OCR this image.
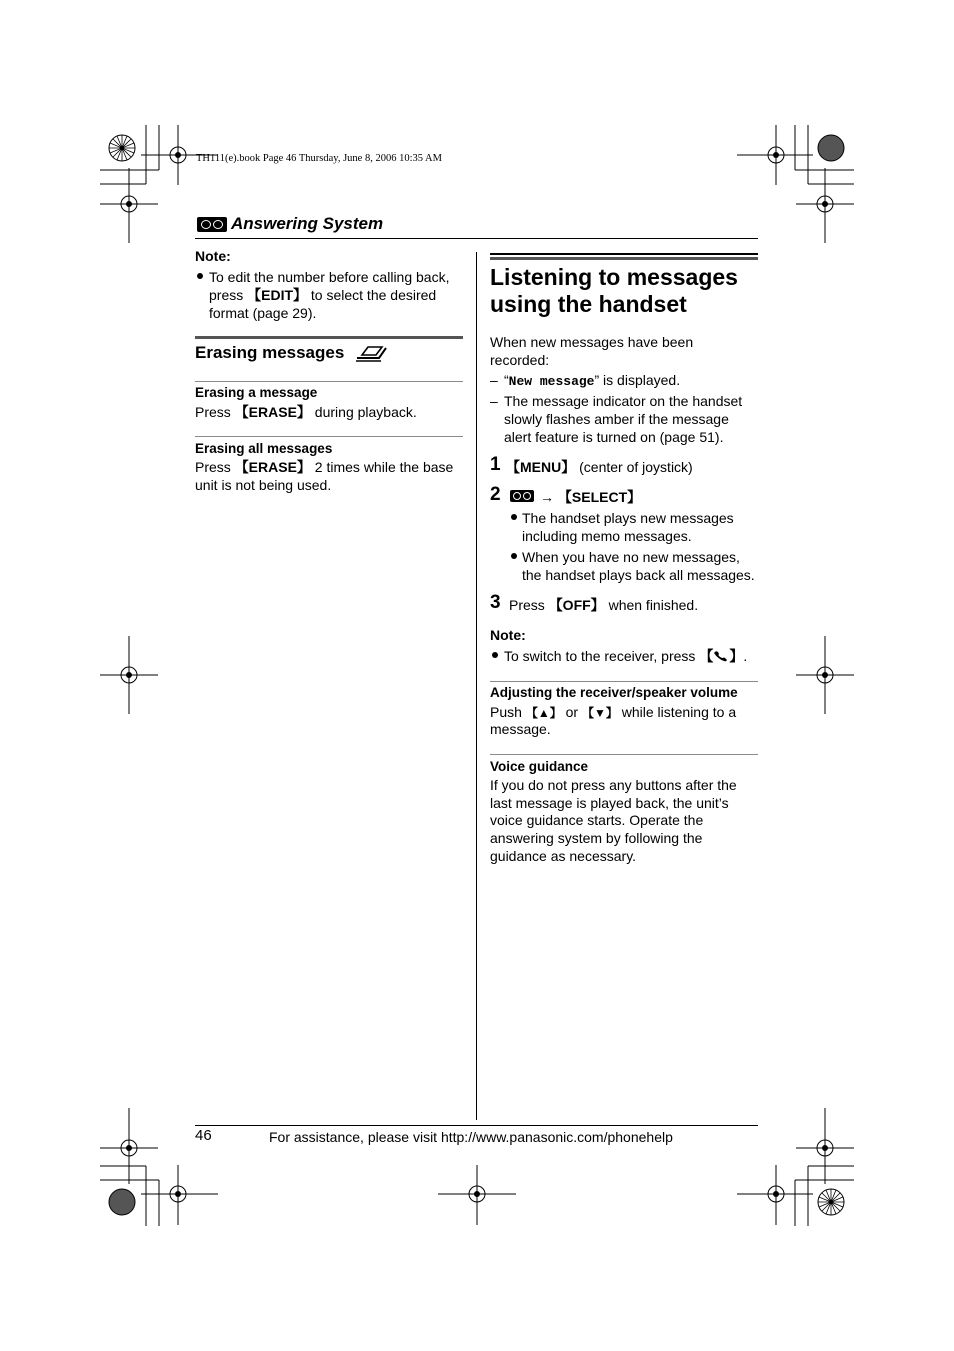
TH111(e).book Page 46 Thursday, June 8, 2006 10:35 AM
Answering System
Note:
To edit the number before calling back,
press 【EDIT】 to select the desired
format (page 29).
Erasing messages
Erasing a message
Press 【ERASE】 during playback.
Erasing all messages
Press 【ERASE】 2 times while the base
unit is not being used.
Listening to messages
using the handset
When new messages have been
recorded:
– “New message” is displayed.
– The message indicator on the handset
slowly flashes amber if the message
alert feature is turned on (page 51).
1 【MENU】 (center of joystick)
2	→ 【SELECT】
The handset plays new messages
including memo messages.
When you have no new messages,
the handset plays back all messages.
3 Press 【OFF】 when finished.
Note:
To switch to the receiver, press 【 】.
Adjusting the receiver/speaker volume
Push 【▲】 or 【▼】 while listening to a
message.
Voice guidance
If you do not press any buttons after the
last message is played back, the unit’s
voice guidance starts. Operate the
answering system by following the
guidance as necessary.
46	For assistance, please visit http://www.panasonic.com/phonehelp
